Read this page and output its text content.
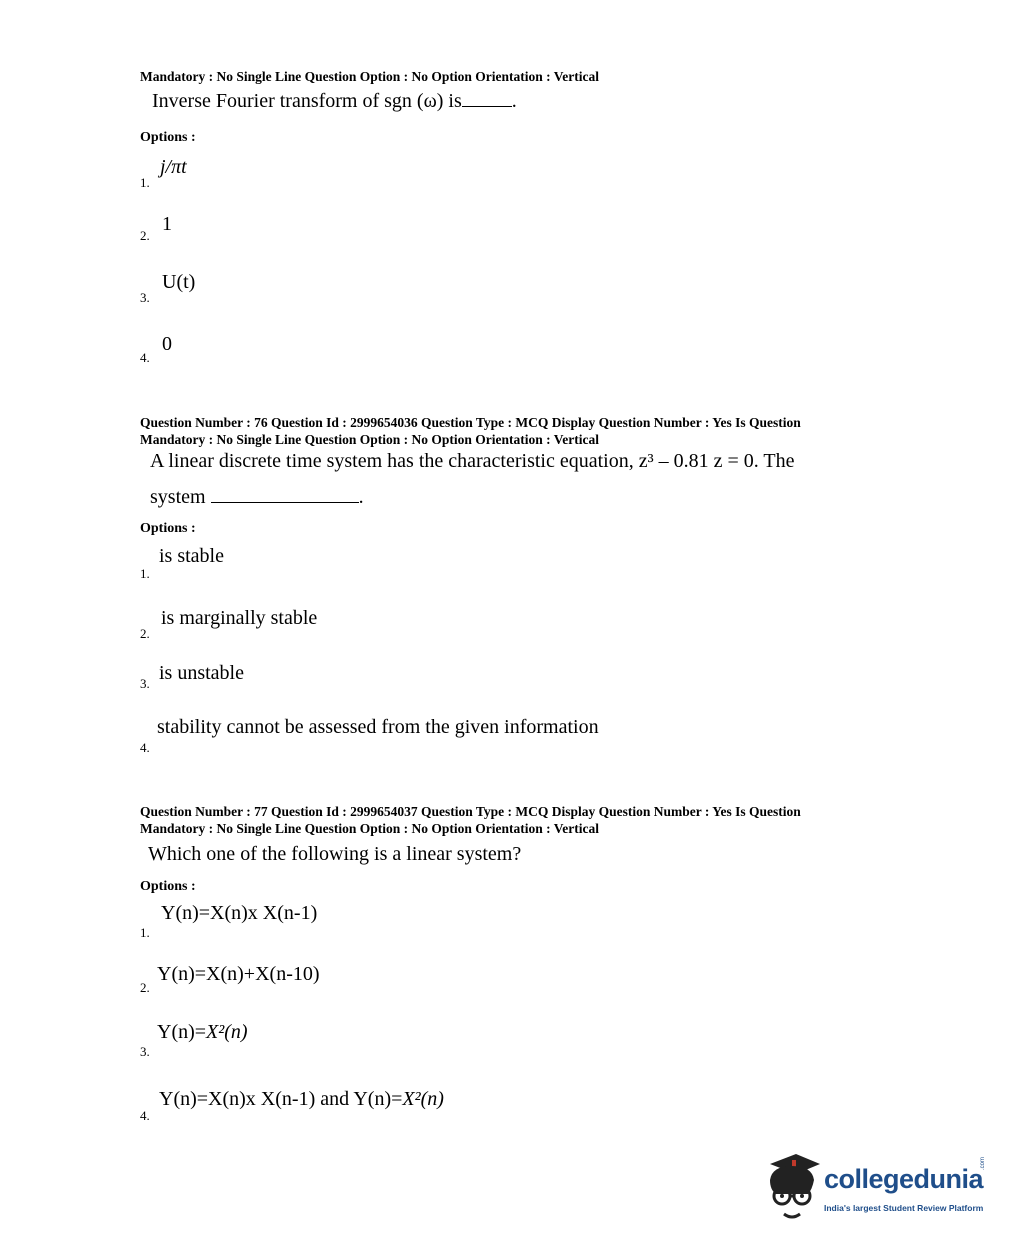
Mandatory : No Single Line Question Option : No Option Orientation : Vertical
Inverse Fourier transform of sgn (ω) is	.
Options :
1.
j/πt
2.
1
3.
U(t)
4.
0
Question Number : 76 Question Id : 2999654036 Question Type : MCQ Display Question Number : Yes Is Question
Mandatory : No Single Line Question Option : No Option Orientation : Vertical
A linear discrete time system has the characteristic equation, z³ – 0.81 z = 0. The
system	.
Options :
1.
is stable
2.
is marginally stable
3. is unstable
4.
stability cannot be assessed from the given information
Question Number : 77 Question Id : 2999654037 Question Type : MCQ Display Question Number : Yes Is Question
Mandatory : No Single Line Question Option : No Option Orientation : Vertical
Which one of the following is a linear system?
Options :
1.
Y(n)=X(n)x X(n-1)
2.
Y(n)=X(n)+X(n-10)
3.
Y(n)=X²(n)
4.
Y(n)=X(n)x X(n-1) and Y(n)=X²(n)
collegedunia
.com
India's largest Student Review Platform
